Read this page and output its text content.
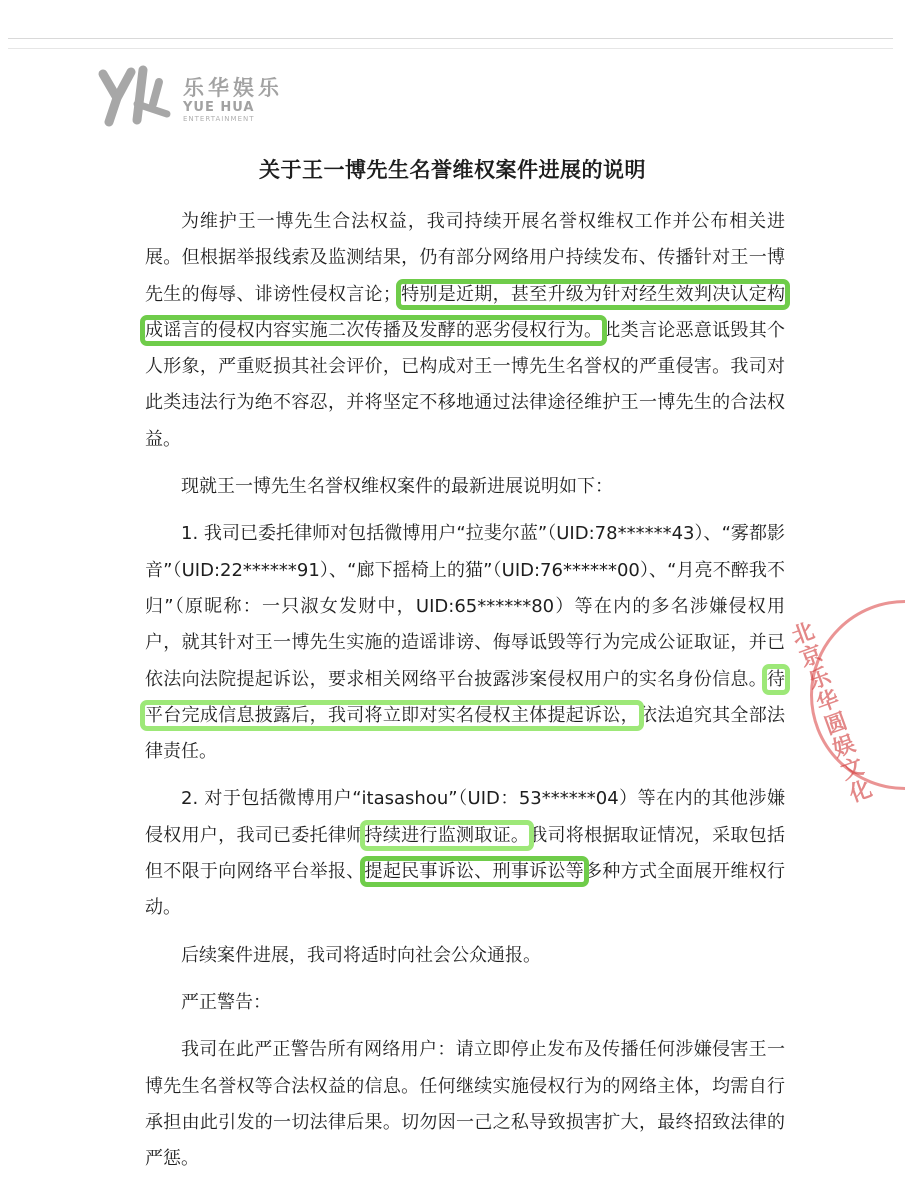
乐华娱乐
YUE HUA
ENTERTAINMENT
关于王一博先生名誉维权案件进展的说明

为维护王一博先生合法权益，我司持续开展名誉权维权工作并公布相关进展。但根据举报线索及监测结果，仍有部分网络用户持续发布、传播针对王一博先生的侮辱、诽谤性侵权言论；特别是近期，甚至升级为针对经生效判决认定构成谣言的侵权内容实施二次传播及发酵的恶劣侵权行为。此类言论恶意诋毁其个人形象，严重贬损其社会评价，已构成对王一博先生名誉权的严重侵害。我司对此类违法行为绝不容忍，并将坚定不移地通过法律途径维护王一博先生的合法权益。

现就王一博先生名誉权维权案件的最新进展说明如下：

1. 我司已委托律师对包括微博用户“拉斐尔蓝”（UID:78******43）、“雾都影音”（UID:22******91）、“廊下摇椅上的猫”（UID:76******00）、“月亮不醉我不归”（原昵称：一只淑女发财中，UID:65******80）等在内的多名涉嫌侵权用户，就其针对王一博先生实施的造谣诽谤、侮辱诋毁等行为完成公证取证，并已依法向法院提起诉讼，要求相关网络平台披露涉案侵权用户的实名身份信息。待平台完成信息披露后，我司将立即对实名侵权主体提起诉讼，依法追究其全部法律责任。

2. 对于包括微博用户“itasashou”（UID：53******04）等在内的其他涉嫌侵权用户，我司已委托律师持续进行监测取证。我司将根据取证情况，采取包括但不限于向网络平台举报、提起民事诉讼、刑事诉讼等多种方式全面展开维权行动。

后续案件进展，我司将适时向社会公众通报。

严正警告：

我司在此严正警告所有网络用户：请立即停止发布及传播任何涉嫌侵害王一博先生名誉权等合法权益的信息。任何继续实施侵权行为的网络主体，均需自行承担由此引发的一切法律后果。切勿因一己之私导致损害扩大，最终招致法律的严惩。

北京乐华圆娱文化
